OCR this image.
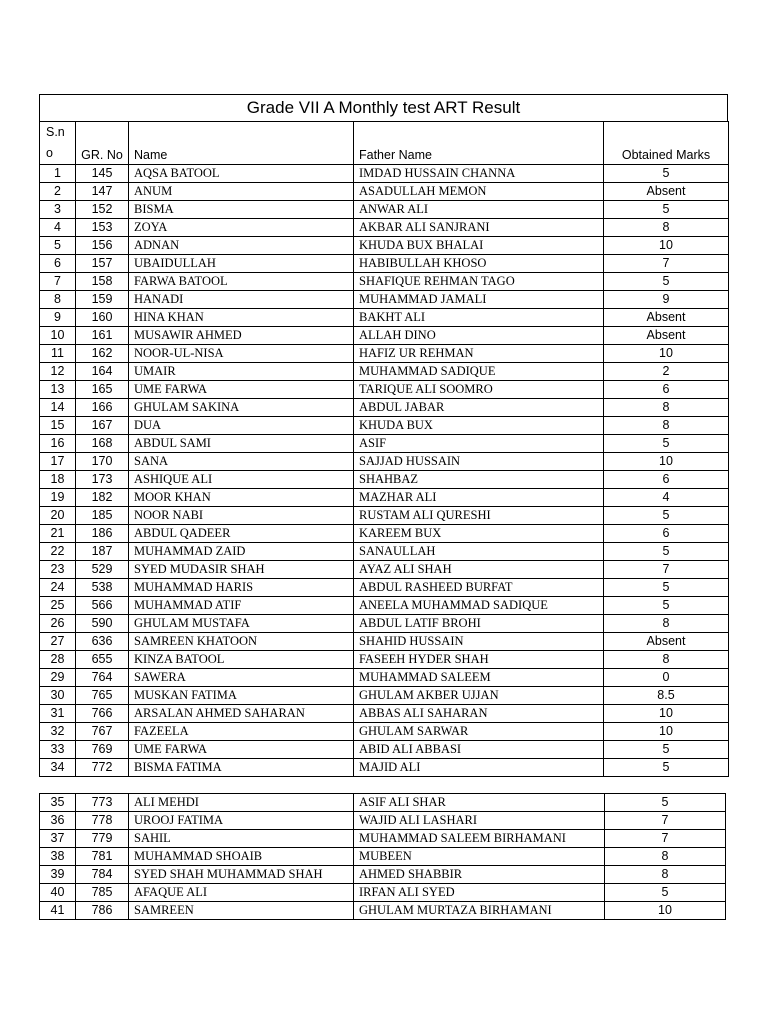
Grade VII A Monthly test ART Result
S.n
o	GR. No	Name	Father Name	Obtained Marks
1	145	AQSA BATOOL	IMDAD HUSSAIN CHANNA	5
2	147	ANUM	ASADULLAH MEMON	Absent
3	152	BISMA	ANWAR ALI	5
4	153	ZOYA	AKBAR ALI SANJRANI	8
5	156	ADNAN	KHUDA BUX BHALAI	10
6	157	UBAIDULLAH	HABIBULLAH KHOSO	7
7	158	FARWA BATOOL	SHAFIQUE REHMAN TAGO	5
8	159	HANADI	MUHAMMAD JAMALI	9
9	160	HINA KHAN	BAKHT ALI	Absent
10	161	MUSAWIR AHMED	ALLAH DINO	Absent
11	162	NOOR-UL-NISA	HAFIZ UR REHMAN	10
12	164	UMAIR	MUHAMMAD SADIQUE	2
13	165	UME FARWA	TARIQUE ALI SOOMRO	6
14	166	GHULAM SAKINA	ABDUL JABAR	8
15	167	DUA	KHUDA BUX	8
16	168	ABDUL SAMI	ASIF	5
17	170	SANA	SAJJAD HUSSAIN	10
18	173	ASHIQUE ALI	SHAHBAZ	6
19	182	MOOR KHAN	MAZHAR ALI	4
20	185	NOOR NABI	RUSTAM ALI QURESHI	5
21	186	ABDUL QADEER	KAREEM BUX	6
22	187	MUHAMMAD ZAID	SANAULLAH	5
23	529	SYED MUDASIR SHAH	AYAZ ALI SHAH	7
24	538	MUHAMMAD HARIS	ABDUL RASHEED BURFAT	5
25	566	MUHAMMAD ATIF	ANEELA MUHAMMAD SADIQUE	5
26	590	GHULAM MUSTAFA	ABDUL LATIF BROHI	8
27	636	SAMREEN KHATOON	SHAHID HUSSAIN	Absent
28	655	KINZA BATOOL	FASEEH HYDER SHAH	8
29	764	SAWERA	MUHAMMAD SALEEM	0
30	765	MUSKAN FATIMA	GHULAM AKBER UJJAN	8.5
31	766	ARSALAN AHMED SAHARAN	ABBAS ALI SAHARAN	10
32	767	FAZEELA	GHULAM SARWAR	10
33	769	UME FARWA	ABID ALI ABBASI	5
34	772	BISMA FATIMA	MAJID ALI	5
35	773	ALI MEHDI	ASIF ALI SHAR	5
36	778	UROOJ FATIMA	WAJID ALI LASHARI	7
37	779	SAHIL	MUHAMMAD SALEEM BIRHAMANI	7
38	781	MUHAMMAD SHOAIB	MUBEEN	8
39	784	SYED SHAH MUHAMMAD SHAH	AHMED SHABBIR	8
40	785	AFAQUE ALI	IRFAN ALI SYED	5
41	786	SAMREEN	GHULAM MURTAZA BIRHAMANI	10
